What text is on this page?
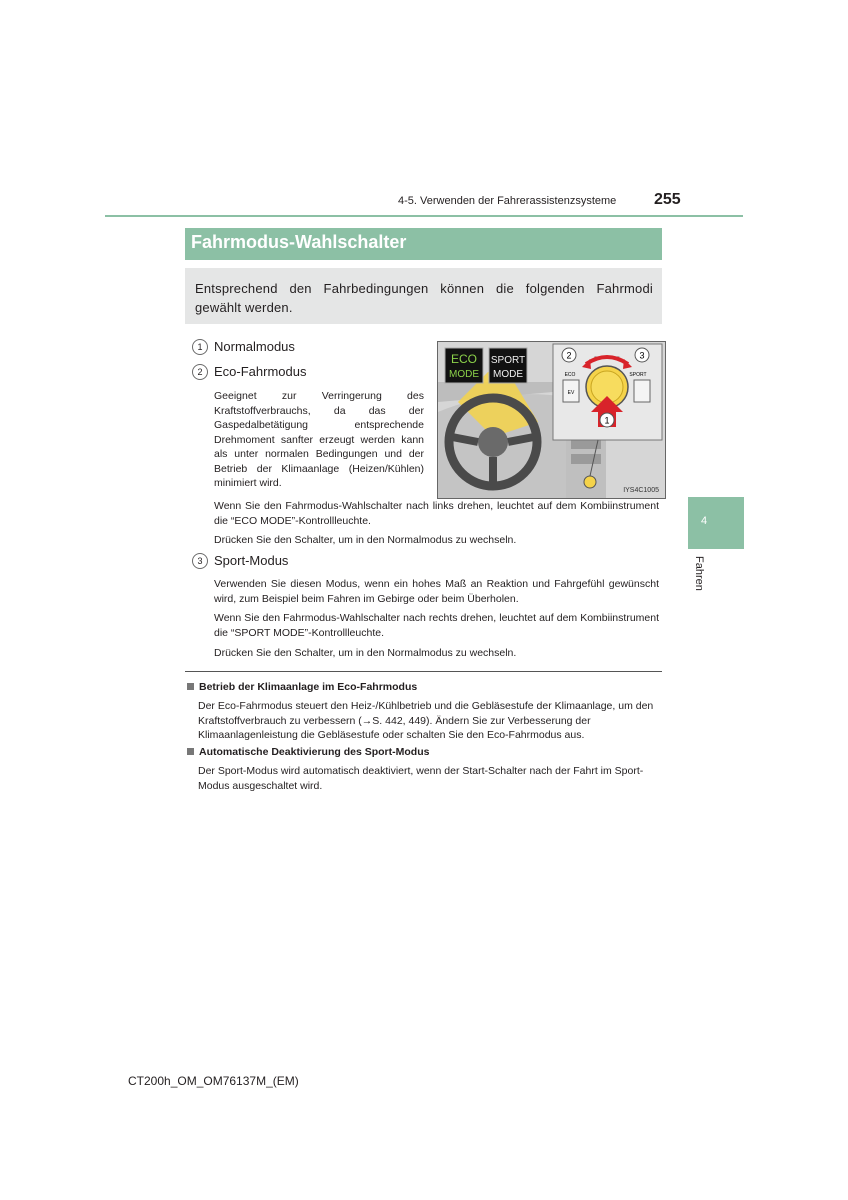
4-5. Verwenden der Fahrerassistenzsysteme 255
4
Fahren
Fahrmodus-Wahlschalter
Entsprechend den Fahrbedingungen können die folgenden Fahrmodi gewählt werden.
1 Normalmodus
2 Eco-Fahrmodus
Geeignet zur Verringerung des Kraftstoffverbrauchs, da das der Gaspedalbetätigung entsprechende Drehmoment sanfter erzeugt werden kann als unter normalen Bedingungen und der Betrieb der Klimaanlage (Heizen/Kühlen) minimiert wird.
Wenn Sie den Fahrmodus-Wahlschalter nach links drehen, leuchtet auf dem Kombiinstrument die “ECO MODE”-Kontrollleuchte.
Drücken Sie den Schalter, um in den Normalmodus zu wechseln.
3 Sport-Modus
Verwenden Sie diesen Modus, wenn ein hohes Maß an Reaktion und Fahrgefühl gewünscht wird, zum Beispiel beim Fahren im Gebirge oder beim Überholen.
Wenn Sie den Fahrmodus-Wahlschalter nach rechts drehen, leuchtet auf dem Kombiinstrument die “SPORT MODE”-Kontrollleuchte.
Drücken Sie den Schalter, um in den Normalmodus zu wechseln.
ECO
MODE
SPORT
MODE
EV
ECO	SPORT
DRIVE MODE
2	3
1
IYS4C1005
Betrieb der Klimaanlage im Eco-Fahrmodus
Der Eco-Fahrmodus steuert den Heiz-/Kühlbetrieb und die Gebläsestufe der Klimaanlage, um den Kraftstoffverbrauch zu verbessern (→S. 442, 449). Ändern Sie zur Verbesserung der Klimaanlagenleistung die Gebläsestufe oder schalten Sie den Eco-Fahrmodus aus.
Automatische Deaktivierung des Sport-Modus
Der Sport-Modus wird automatisch deaktiviert, wenn der Start-Schalter nach der Fahrt im Sport-Modus ausgeschaltet wird.
CT200h_OM_OM76137M_(EM)
